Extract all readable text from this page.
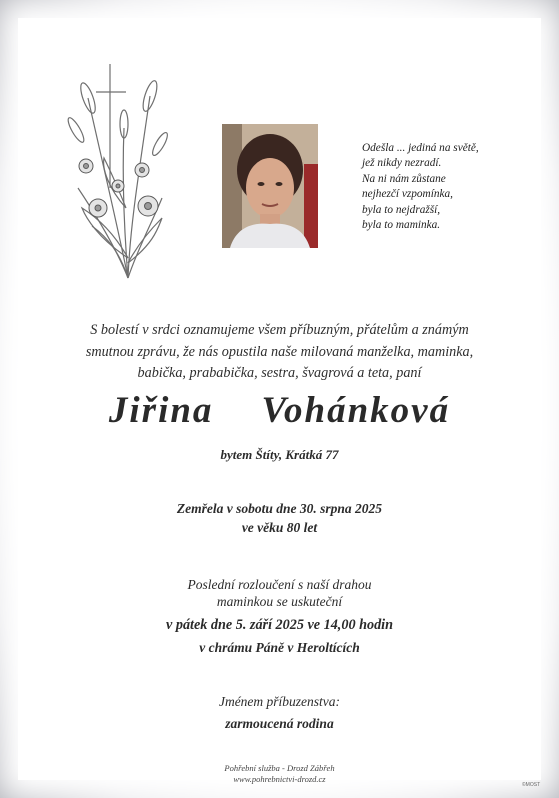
Odešla ... jediná na světě,
jež nikdy nezradí.
Na ni nám zůstane
nejhezčí vzpomínka,
byla to nejdražší,
byla to maminka.
S bolestí v srdci oznamujeme všem příbuzným, přátelům a známým
smutnou zprávu, že nás opustila naše milovaná manželka, maminka,
babička, prababička, sestra, švagrová a teta, paní
Jiřina Vohánková
bytem Štíty, Krátká 77
Zemřela v sobotu dne 30. srpna 2025
ve věku 80 let
Poslední rozloučení s naší drahou
maminkou se uskuteční
v pátek dne 5. září 2025 ve 14,00 hodin
v chrámu Páně v Heroltících
Jménem příbuzenstva:
zarmoucená rodina
Pohřební služba - Drozd Zábřeh
www.pohrebnictvi-drozd.cz
©MOST
